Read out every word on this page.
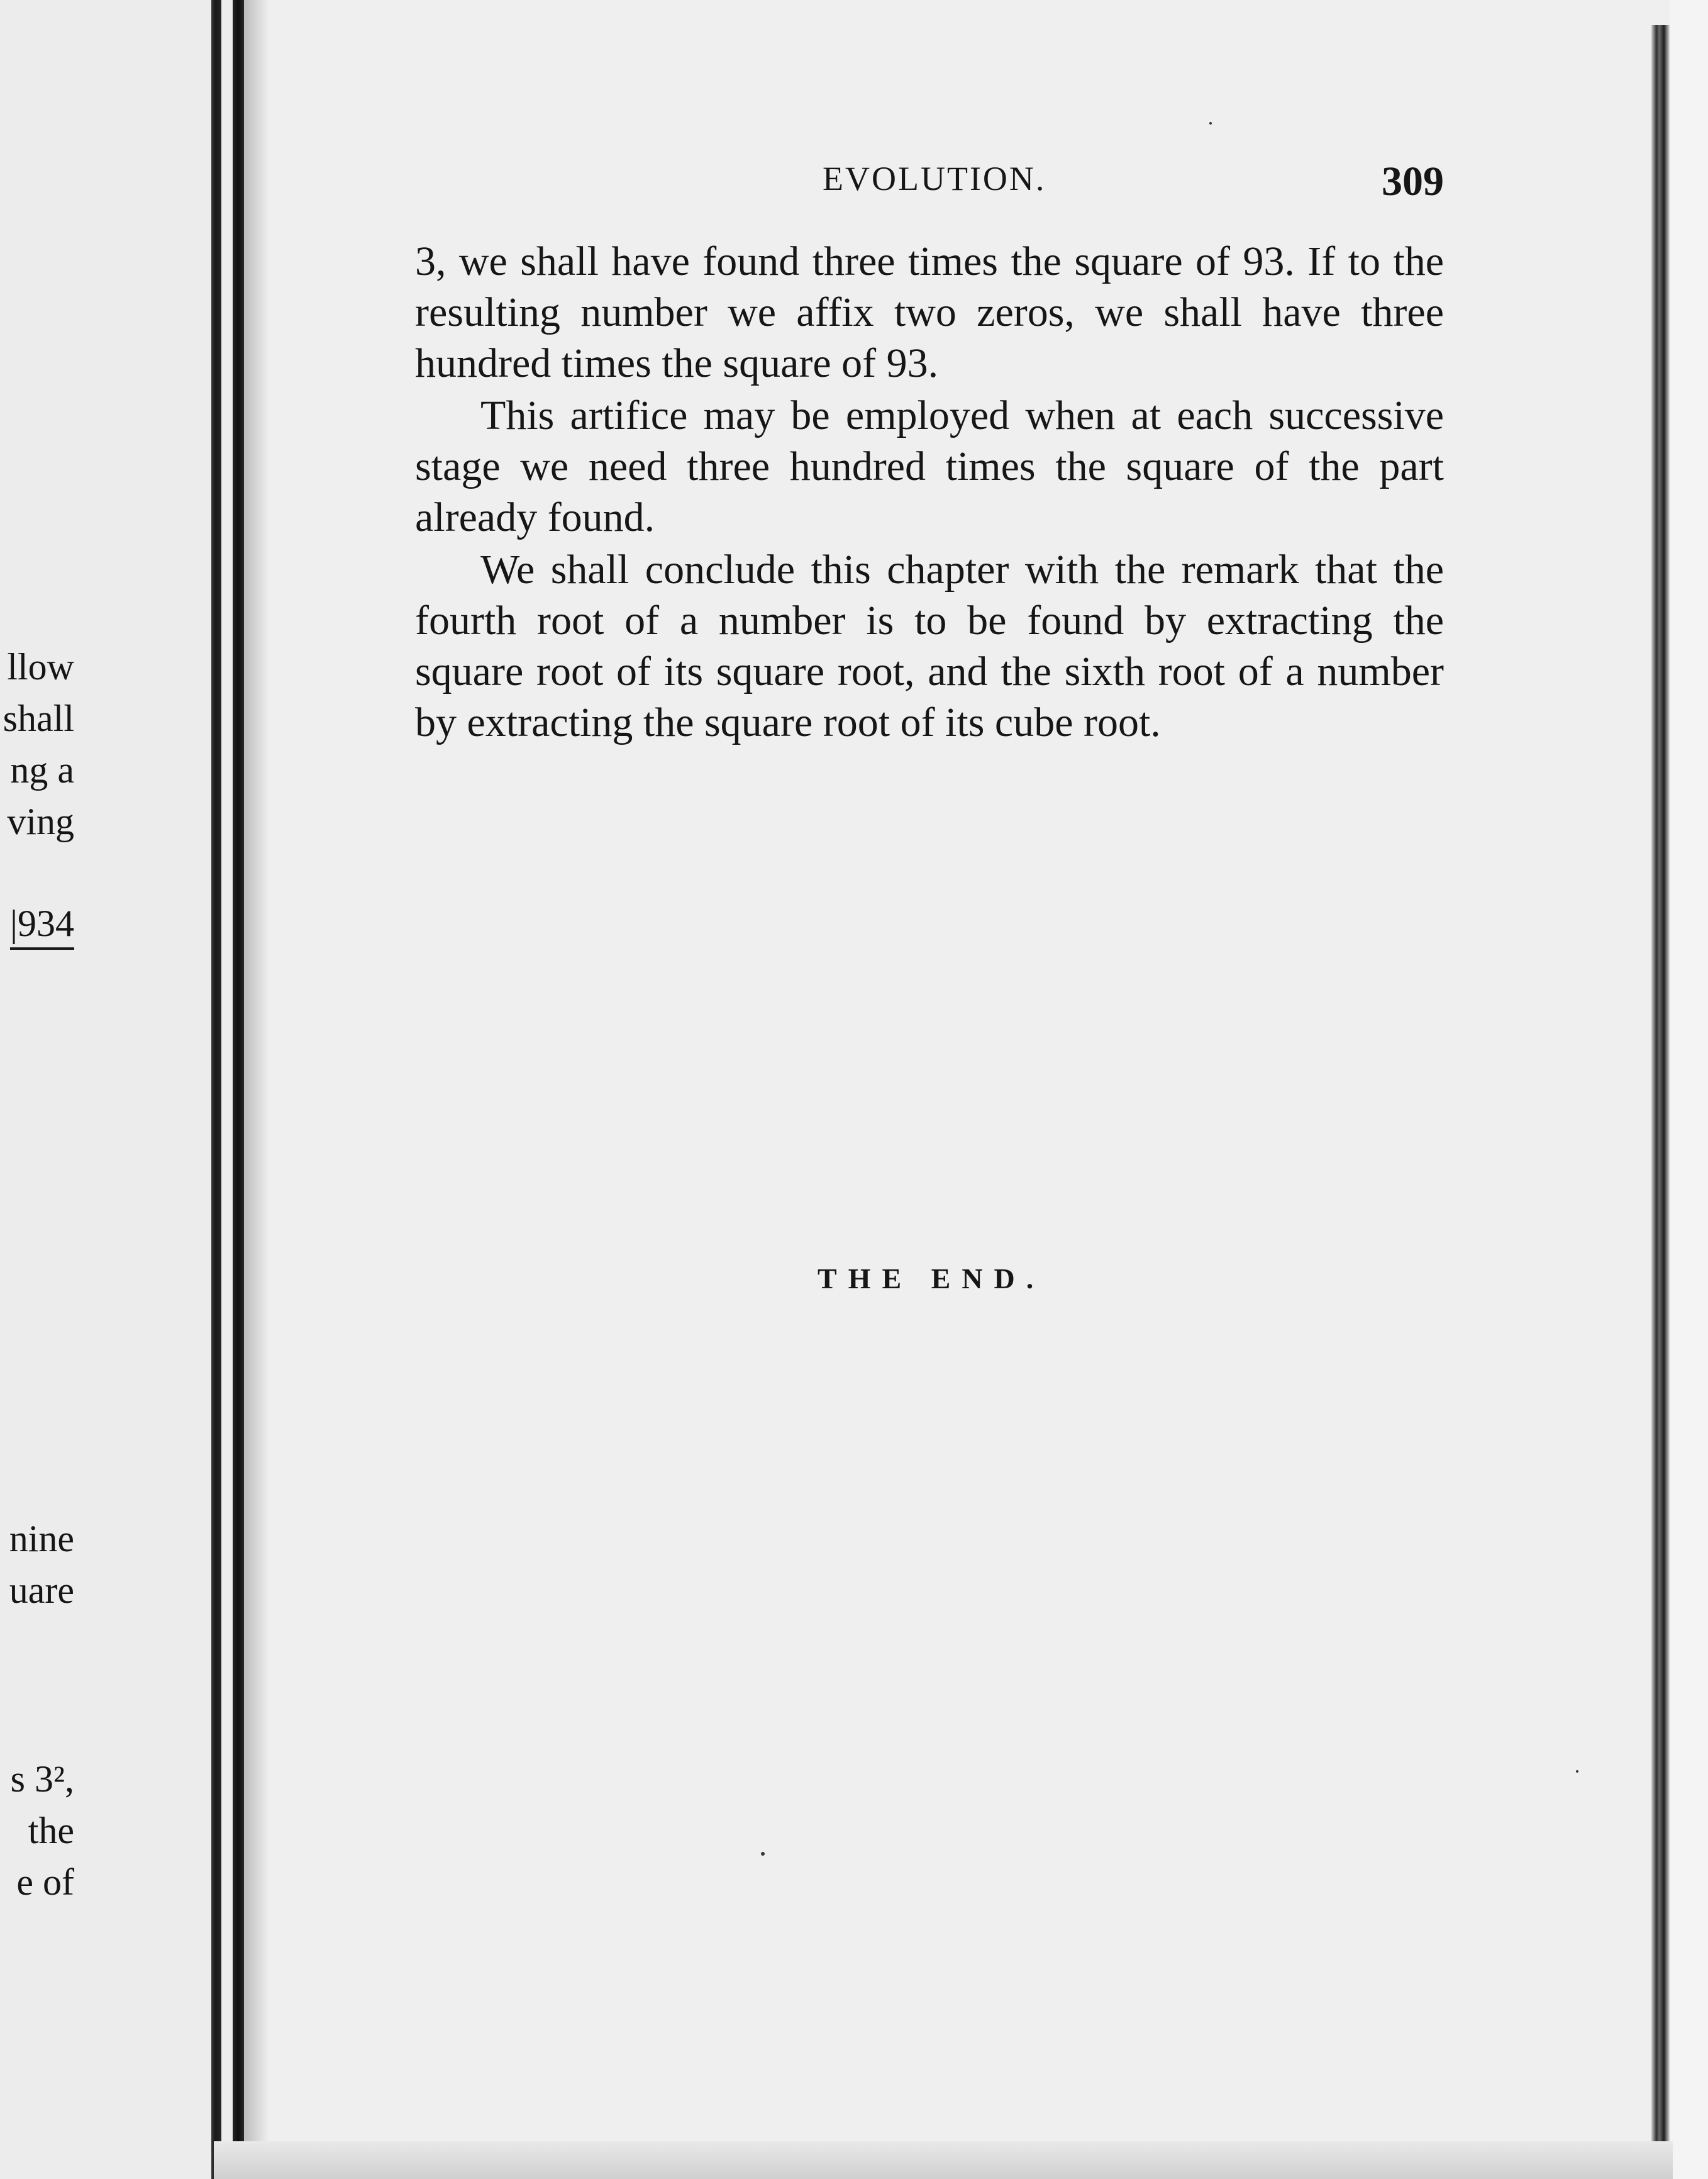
llow
shall
ng a
ving
|934
nine
uare
s 3²,
the
e of
EVOLUTION.	309

3, we shall have found three times the square of 93. If to the resulting number we affix two zeros, we shall have three hundred times the square of 93.

This artifice may be employed when at each successive stage we need three hundred times the square of the part already found.

We shall conclude this chapter with the remark that the fourth root of a number is to be found by extracting the square root of its square root, and the sixth root of a number by extracting the square root of its cube root.

THE END.
